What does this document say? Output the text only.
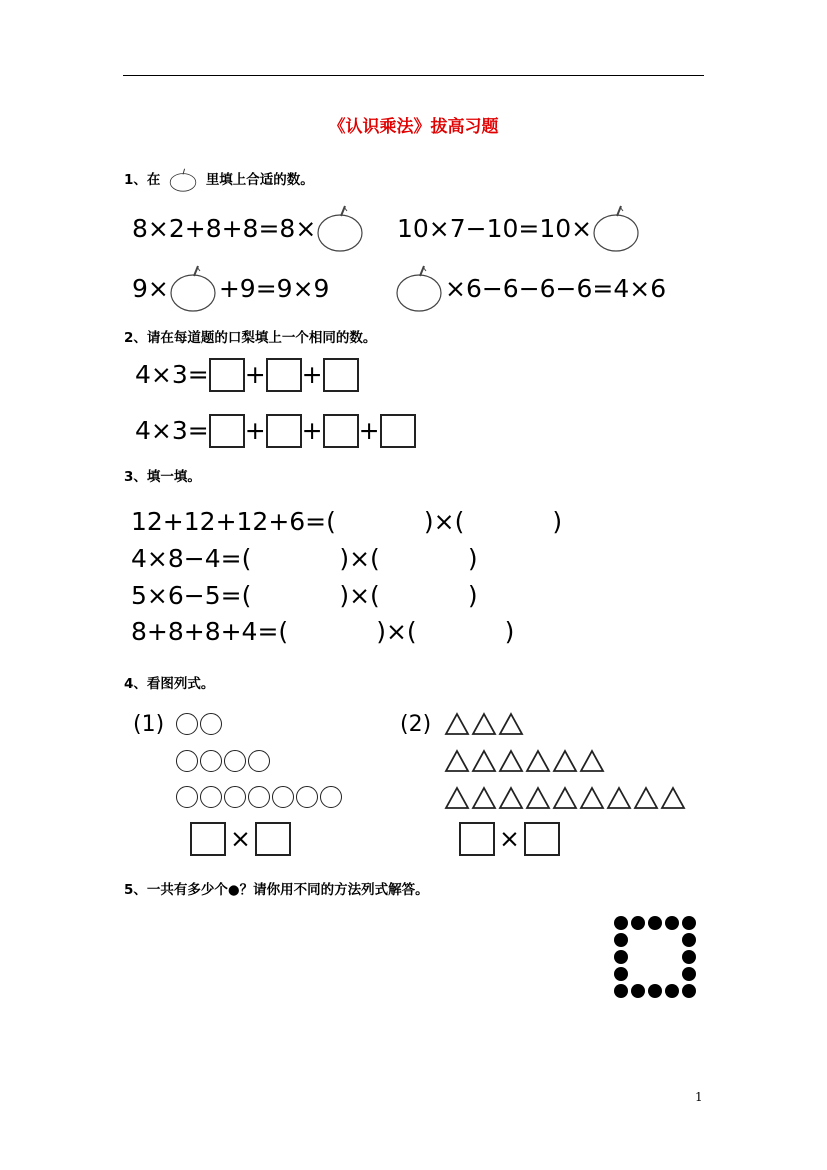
《认识乘法》拔高习题
1、在	里填上合适的数。
8×2+8+8=8×	10×7−10=10×
9× +9=9×9	×6−6−6−6=4×6
2、请在每道题的口梨填上一个相同的数。
4×3= + +
4×3= + + +
3、填一填。
12+12+12+6=(	)×(	)
4×8−4=(	)×(	)
5×6−5=(	)×(	)
8+8+8+4=(	)×(	)
4、看图列式。
(1)
×
(2)
×
5、一共有多少个●？请你用不同的方法列式解答。
1
